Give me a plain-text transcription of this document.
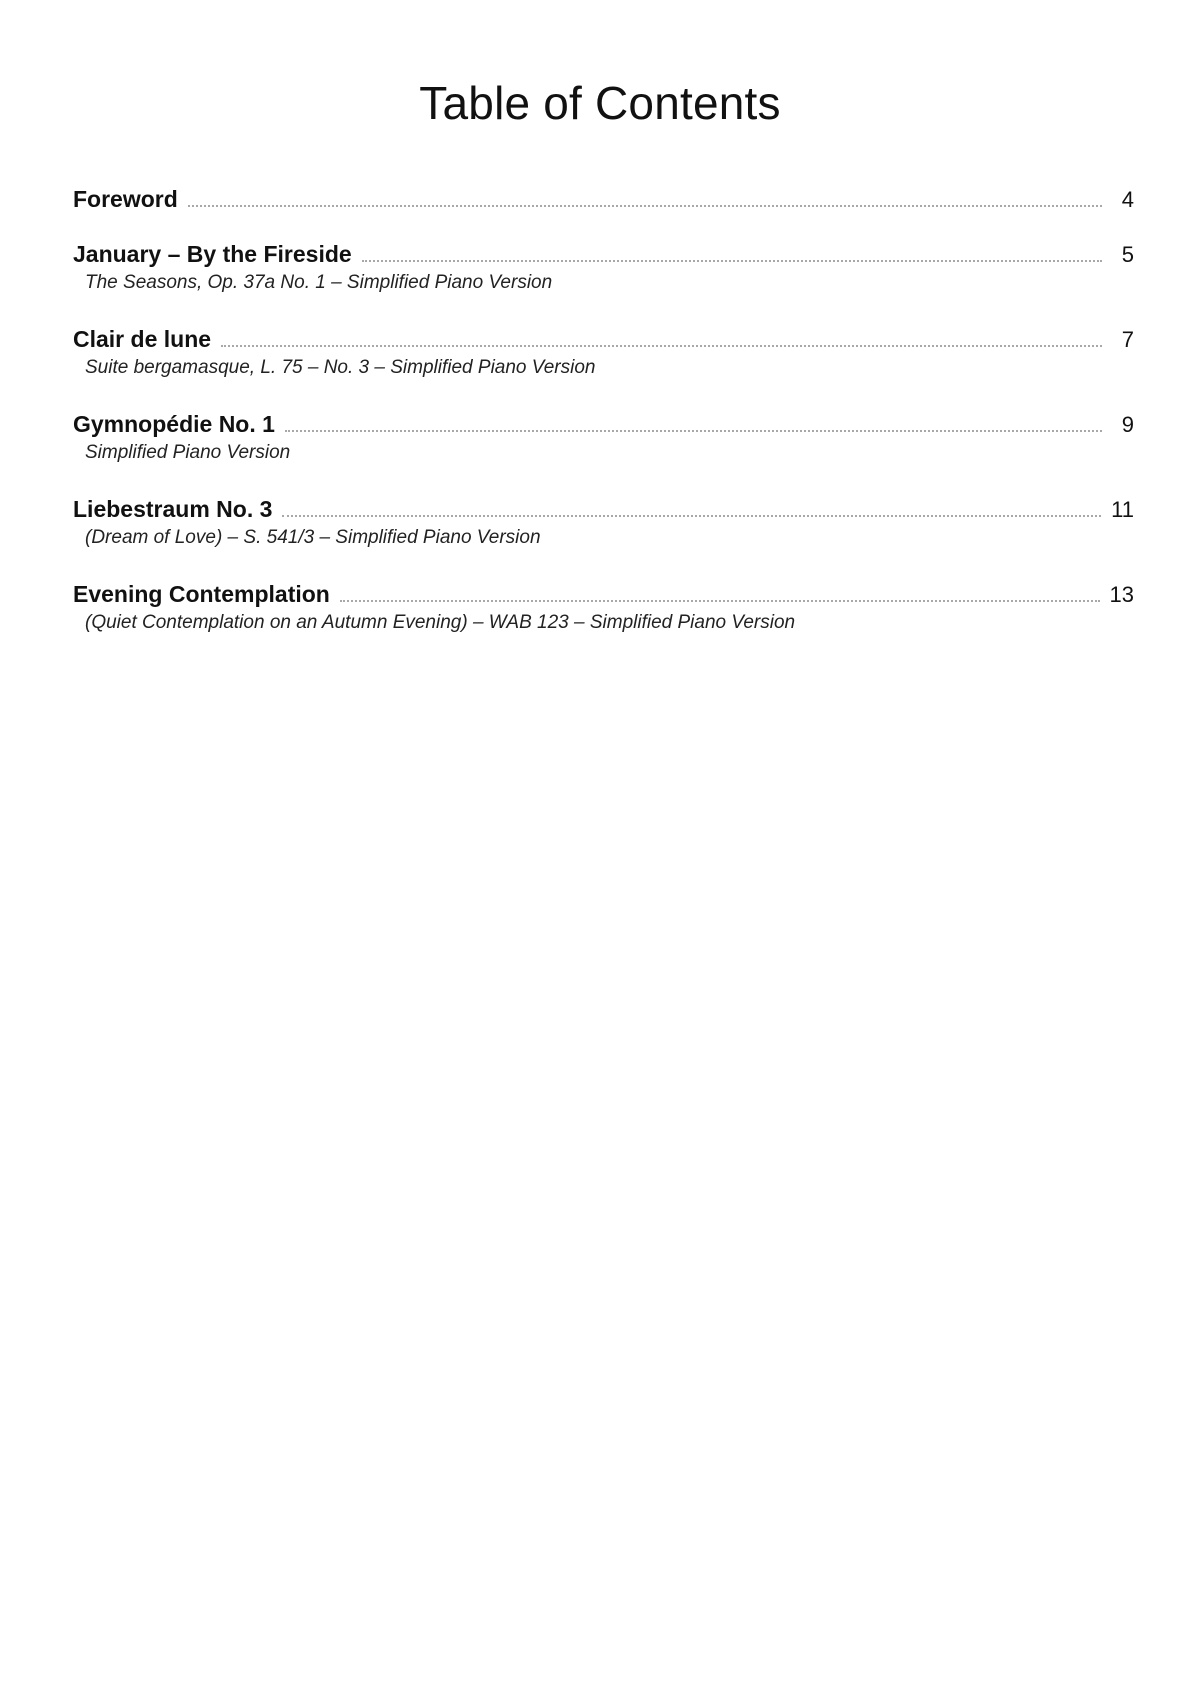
Table of Contents
Foreword	4
January – By the Fireside	5
The Seasons, Op. 37a No. 1 – Simplified Piano Version
Clair de lune	7
Suite bergamasque, L. 75 – No. 3 – Simplified Piano Version
Gymnopédie No. 1	9
Simplified Piano Version
Liebestraum No. 3	11
(Dream of Love) – S. 541/3 – Simplified Piano Version
Evening Contemplation	13
(Quiet Contemplation on an Autumn Evening) – WAB 123 – Simplified Piano Version
